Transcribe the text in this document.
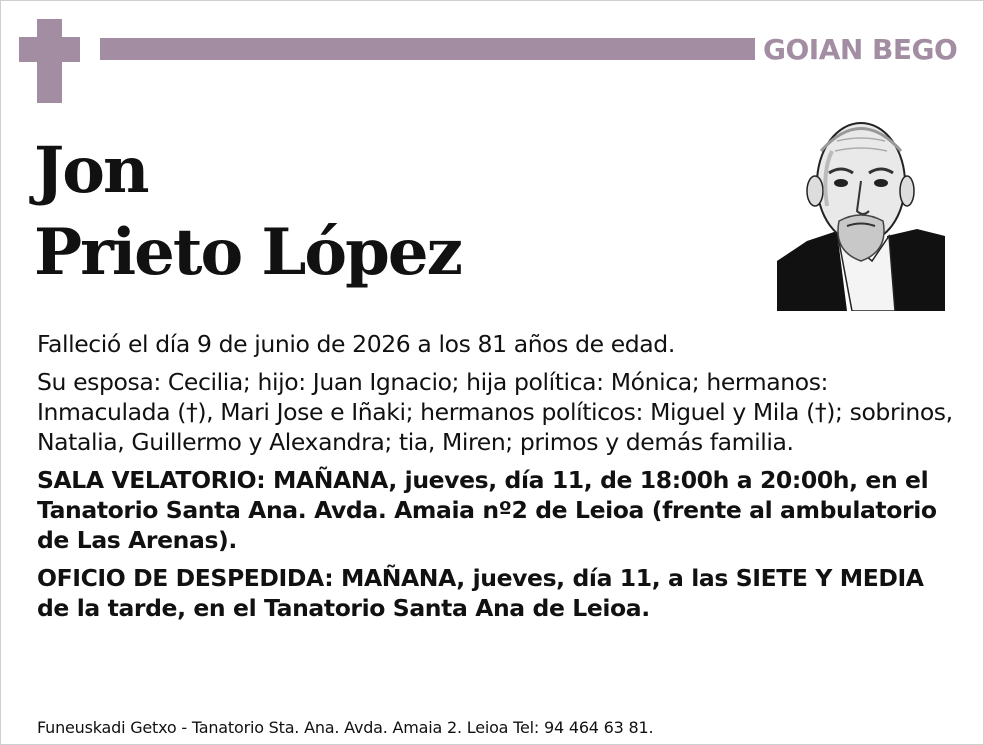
GOIAN BEGO
Jon
Prieto López

Falleció el día 9 de junio de 2026 a los 81 años de edad.

Su esposa: Cecilia; hijo: Juan Ignacio; hija política: Mónica; hermanos: Inmaculada (†), Mari Jose e Iñaki; hermanos políticos: Miguel y Mila (†); sobrinos, Natalia, Guillermo y Alexandra; tia, Miren; primos y demás familia.

SALA VELATORIO: MAÑANA, jueves, día 11, de 18:00h a 20:00h, en el Tanatorio Santa Ana. Avda. Amaia nº2 de Leioa (frente al ambulatorio de Las Arenas).

OFICIO DE DESPEDIDA: MAÑANA, jueves, día 11, a las SIETE Y MEDIA de la tarde, en el Tanatorio Santa Ana de Leioa.

Funeuskadi Getxo - Tanatorio Sta. Ana. Avda. Amaia 2. Leioa Tel: 94 464 63 81.
